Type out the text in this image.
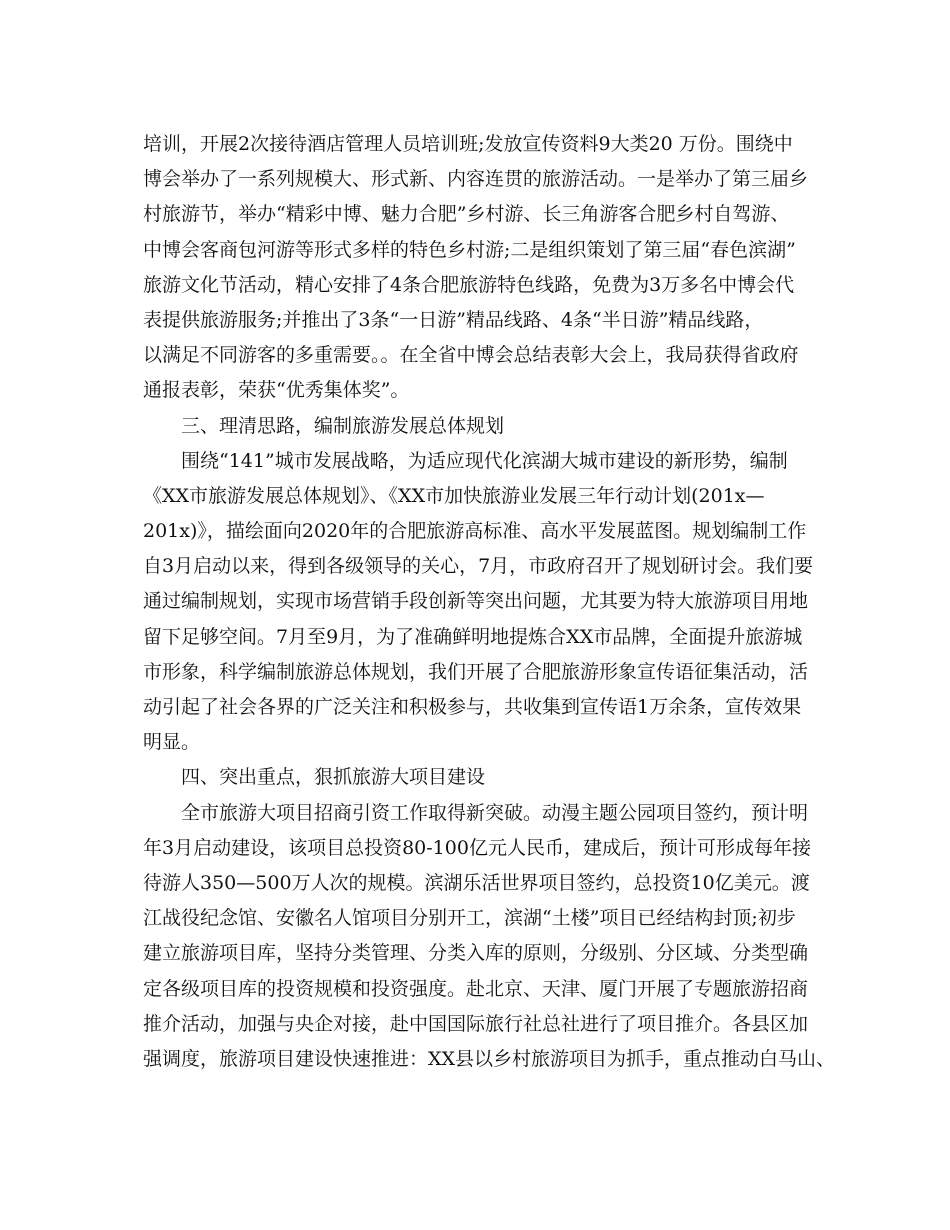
培训，开展2次接待酒店管理人员培训班;发放宣传资料9大类20 万份。围绕中
博会举办了一系列规模大、形式新、内容连贯的旅游活动。一是举办了第三届乡
村旅游节，举办“精彩中博、魅力合肥”乡村游、长三角游客合肥乡村自驾游、
中博会客商包河游等形式多样的特色乡村游;二是组织策划了第三届“春色滨湖”
旅游文化节活动，精心安排了4条合肥旅游特色线路，免费为3万多名中博会代
表提供旅游服务;并推出了3条“一日游”精品线路、4条“半日游”精品线路，
以满足不同游客的多重需要。。在全省中博会总结表彰大会上，我局获得省政府
通报表彰，荣获“优秀集体奖”。
三、理清思路，编制旅游发展总体规划
围绕“141”城市发展战略，为适应现代化滨湖大城市建设的新形势，编制
《XX市旅游发展总体规划》、《XX市加快旅游业发展三年行动计划(201x—
201x)》，描绘面向2020年的合肥旅游高标准、高水平发展蓝图。规划编制工作
自3月启动以来，得到各级领导的关心，7月，市政府召开了规划研讨会。我们要
通过编制规划，实现市场营销手段创新等突出问题，尤其要为特大旅游项目用地
留下足够空间。7月至9月，为了准确鲜明地提炼合XX市品牌，全面提升旅游城
市形象，科学编制旅游总体规划，我们开展了合肥旅游形象宣传语征集活动，活
动引起了社会各界的广泛关注和积极参与，共收集到宣传语1万余条，宣传效果
明显。
四、突出重点，狠抓旅游大项目建设
全市旅游大项目招商引资工作取得新突破。动漫主题公园项目签约，预计明
年3月启动建设，该项目总投资80-100亿元人民币，建成后，预计可形成每年接
待游人350—500万人次的规模。滨湖乐活世界项目签约，总投资10亿美元。渡
江战役纪念馆、安徽名人馆项目分别开工，滨湖“土楼”项目已经结构封顶;初步
建立旅游项目库，坚持分类管理、分类入库的原则，分级别、分区域、分类型确
定各级项目库的投资规模和投资强度。赴北京、天津、厦门开展了专题旅游招商
推介活动，加强与央企对接，赴中国国际旅行社总社进行了项目推介。各县区加
强调度，旅游项目建设快速推进：XX县以乡村旅游项目为抓手，重点推动白马山、
